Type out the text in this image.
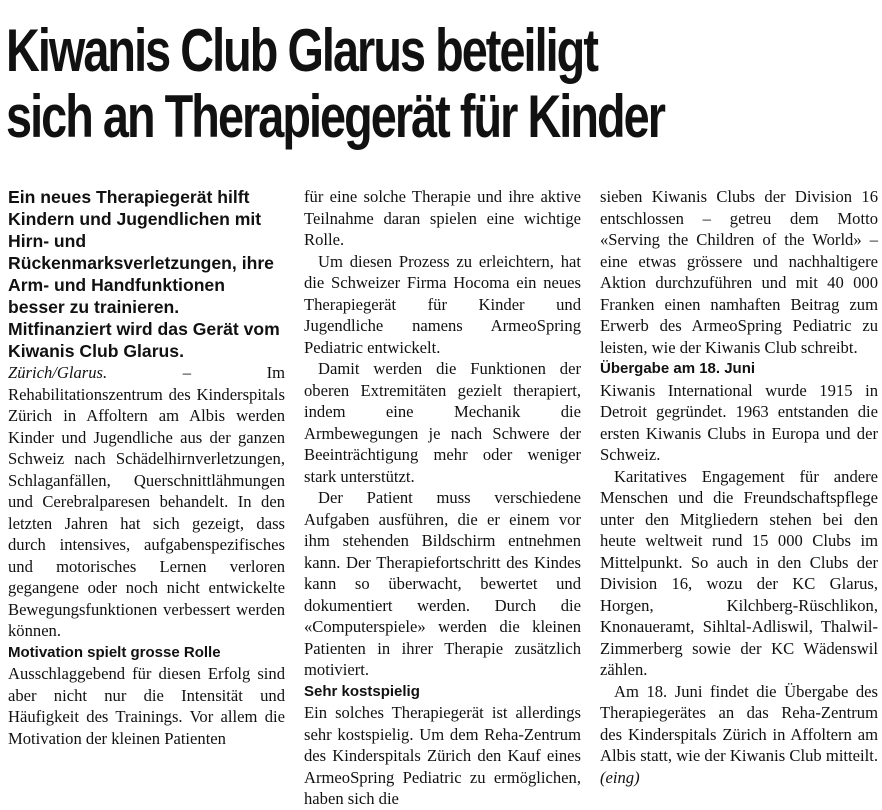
Kiwanis Club Glarus beteiligt
sich an Therapiegerät für Kinder

Ein neues Therapiegerät hilft Kindern und Jugendlichen mit Hirn- und Rückenmarksverletzungen, ihre Arm- und Handfunktionen besser zu trainieren. Mitfinanziert wird das Gerät vom Kiwanis Club Glarus.

Zürich/Glarus. – Im Rehabilitationszentrum des Kinderspitals Zürich in Affoltern am Albis werden Kinder und Jugendliche aus der ganzen Schweiz nach Schädelhirnverletzungen, Schlaganfällen, Querschnittlähmungen und Cerebralparesen behandelt. In den letzten Jahren hat sich gezeigt, dass durch intensives, aufgabenspezifisches und motorisches Lernen verloren gegangene oder noch nicht entwickelte Bewegungsfunktionen verbessert werden können.

Motivation spielt grosse Rolle

Ausschlaggebend für diesen Erfolg sind aber nicht nur die Intensität und Häufigkeit des Trainings. Vor allem die Motivation der kleinen Patienten

für eine solche Therapie und ihre aktive Teilnahme daran spielen eine wichtige Rolle.

Um diesen Prozess zu erleichtern, hat die Schweizer Firma Hocoma ein neues Therapiegerät für Kinder und Jugendliche namens ArmeoSpring Pediatric entwickelt.

Damit werden die Funktionen der oberen Extremitäten gezielt therapiert, indem eine Mechanik die Armbewegungen je nach Schwere der Beeinträchtigung mehr oder weniger stark unterstützt.

Der Patient muss verschiedene Aufgaben ausführen, die er einem vor ihm stehenden Bildschirm entnehmen kann. Der Therapiefortschritt des Kindes kann so überwacht, bewertet und dokumentiert werden. Durch die «Computerspiele» werden die kleinen Patienten in ihrer Therapie zusätzlich motiviert.

Sehr kostspielig

Ein solches Therapiegerät ist allerdings sehr kostspielig. Um dem Reha-Zentrum des Kinderspitals Zürich den Kauf eines ArmeoSpring Pediatric zu ermöglichen, haben sich die

sieben Kiwanis Clubs der Division 16 entschlossen – getreu dem Motto «Serving the Children of the World» – eine etwas grössere und nachhaltigere Aktion durchzuführen und mit 40 000 Franken einen namhaften Beitrag zum Erwerb des ArmeoSpring Pediatric zu leisten, wie der Kiwanis Club schreibt.

Übergabe am 18. Juni

Kiwanis International wurde 1915 in Detroit gegründet. 1963 entstanden die ersten Kiwanis Clubs in Europa und der Schweiz.

Karitatives Engagement für andere Menschen und die Freundschaftspflege unter den Mitgliedern stehen bei den heute weltweit rund 15 000 Clubs im Mittelpunkt. So auch in den Clubs der Division 16, wozu der KC Glarus, Horgen, Kilchberg-Rüschlikon, Knonaueramt, Sihltal-Adliswil, Thalwil-Zimmerberg sowie der KC Wädenswil zählen.

Am 18. Juni findet die Übergabe des Therapiegerätes an das Reha-Zentrum des Kinderspitals Zürich in Affoltern am Albis statt, wie der Kiwanis Club mitteilt. (eing)
